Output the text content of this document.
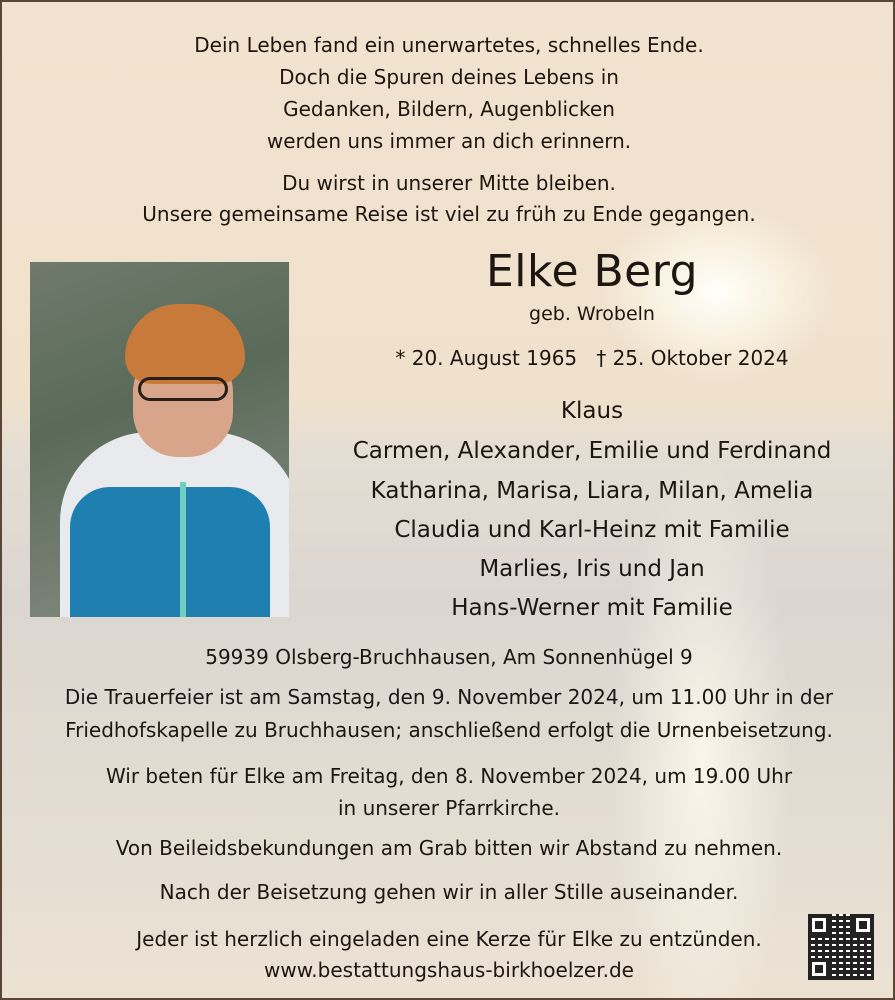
Dein Leben fand ein unerwartetes, schnelles Ende.
Doch die Spuren deines Lebens in
Gedanken, Bildern, Augenblicken
werden uns immer an dich erinnern.
Du wirst in unserer Mitte bleiben.
Unsere gemeinsame Reise ist viel zu früh zu Ende gegangen.
Elke Berg
geb. Wrobeln
* 20. August 1965   † 25. Oktober 2024
Klaus
Carmen, Alexander, Emilie und Ferdinand
Katharina, Marisa, Liara, Milan, Amelia
Claudia und Karl-Heinz mit Familie
Marlies, Iris und Jan
Hans-Werner mit Familie
59939 Olsberg-Bruchhausen, Am Sonnenhügel 9
Die Trauerfeier ist am Samstag, den 9. November 2024, um 11.00 Uhr in der
Friedhofskapelle zu Bruchhausen; anschließend erfolgt die Urnenbeisetzung.
Wir beten für Elke am Freitag, den 8. November 2024, um 19.00 Uhr
in unserer Pfarrkirche.
Von Beileidsbekundungen am Grab bitten wir Abstand zu nehmen.
Nach der Beisetzung gehen wir in aller Stille auseinander.
Jeder ist herzlich eingeladen eine Kerze für Elke zu entzünden.
www.bestattungshaus-birkhoelzer.de
